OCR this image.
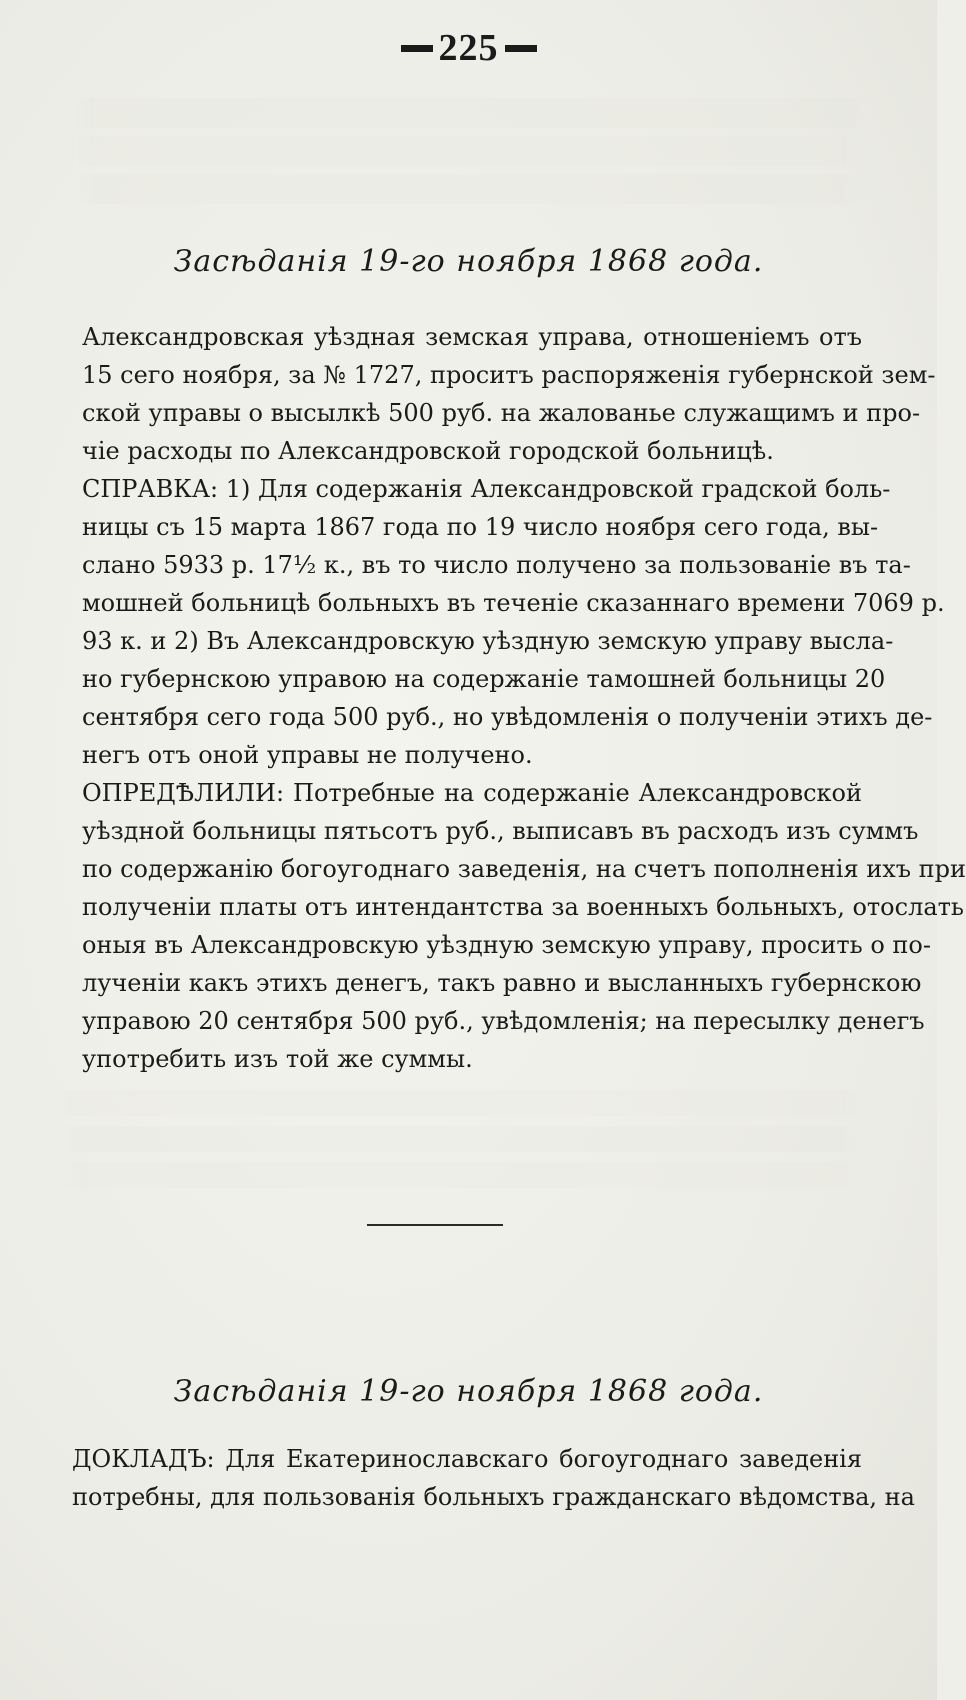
225
Засѣданія 19-го ноября 1868 года.
Александровская уѣздная земская управа, отношеніемъ отъ
15 сего ноября, за № 1727, проситъ распоряженія губернской зем-
ской управы о высылкѣ 500 руб. на жалованье служащимъ и про-
чіе расходы по Александровской городской больницѣ.
СПРАВКА: 1) Для содержанія Александровской градской боль-
ницы съ 15 марта 1867 года по 19 число ноября сего года, вы-
слано 5933 р. 17½ к., въ то число получено за пользованіе въ та-
мошней больницѣ больныхъ въ теченіе сказаннаго времени 7069 р.
93 к. и 2) Въ Александровскую уѣздную земскую управу высла-
но губернскою управою на содержаніе тамошней больницы 20
сентября сего года 500 руб., но увѣдомленія о полученіи этихъ де-
негъ отъ оной управы не получено.
ОПРЕДѢЛИЛИ: Потребные на содержаніе Александровской
уѣздной больницы пятьсотъ руб., выписавъ въ расходъ изъ суммъ
по содержанію богоугоднаго заведенія, на счетъ пополненія ихъ при
полученіи платы отъ интендантства за военныхъ больныхъ, отослать
оныя въ Александровскую уѣздную земскую управу, просить о по-
лученіи какъ этихъ денегъ, такъ равно и высланныхъ губернскою
управою 20 сентября 500 руб., увѣдомленія; на пересылку денегъ
употребить изъ той же суммы.
Засѣданія 19-го ноября 1868 года.
ДОКЛАДЪ: Для Екатеринославскаго богоугоднаго заведенія
потребны, для пользованія больныхъ гражданскаго вѣдомства, на
